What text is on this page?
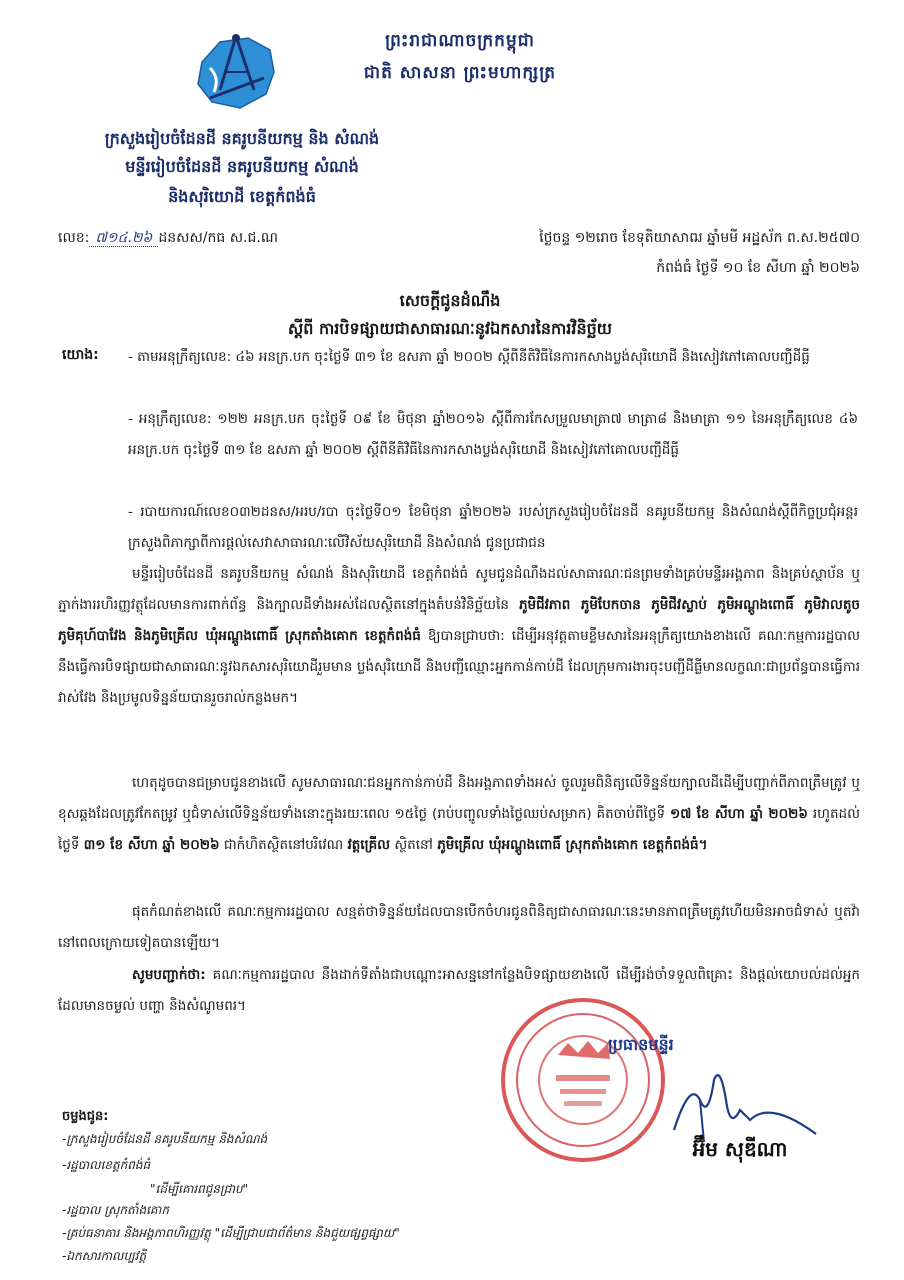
ព្រះរាជាណាចក្រកម្ពុជា
ជាតិ សាសនា ព្រះមហាក្សត្រ
ក្រសួងរៀបចំដែនដី នគរូបនីយកម្ម និង សំណង់
មន្ទីររៀបចំដែនដី នគរូបនីយកម្ម សំណង់
និងសុរិយោដី ខេត្តកំពង់ធំ
លេខ: ៧១៤.២៦ ដនសស/កធ ស.ជ.ណ	ថ្ងៃចន្ទ ១២រោច ខែទុតិយាសាឍ ឆ្នាំមមី អដ្ឋស័ក ព.ស.២៥៧០
កំពង់ធំ ថ្ងៃទី ១០ ខែ សីហា ឆ្នាំ ២០២៦
សេចក្តីជូនដំណឹង
ស្តីពី ការបិទផ្សាយជាសាធារណៈនូវឯកសារនៃការវិនិច្ឆ័យ
យោង: - តាមអនុក្រឹត្យលេខ: ៤៦ អនក្រ.បក ចុះថ្ងៃទី ៣១ ខែ ឧសភា ឆ្នាំ ២០០២ ស្តីពីនីតិវិធីនៃការកសាងប្លង់សុរិយោដី និងសៀវភៅគោលបញ្ជីដីធ្លី
- អនុក្រឹត្យលេខ: ១២២ អនក្រ.បក ចុះថ្ងៃទី ០៩ ខែ មិថុនា ឆ្នាំ២០១៦ ស្តីពីការកែសម្រួលមាត្រា៧ មាត្រា៨ និងមាត្រា ១១ នៃអនុក្រឹត្យលេខ ៤៦ អនក្រ.បក ចុះថ្ងៃទី ៣១ ខែ ឧសភា ឆ្នាំ ២០០២ ស្តីពីនីតិវិធីនៃការកសាងប្លង់សុរិយោដី និងសៀវភៅគោលបញ្ជីដីធ្លី
- របាយការណ៍លេខ០៣២ដនស/អរប/របា ចុះថ្ងៃទី០១ ខែមិថុនា ឆ្នាំ២០២៦ របស់ក្រសួងរៀបចំដែនដី នគរូបនីយកម្ម និងសំណង់ស្តីពីកិច្ចប្រជុំអន្តរក្រសួងពិភាក្សាពីការផ្តល់សេវាសាធារណៈលើវិស័យសុរិយោដី និងសំណង់ ជូនប្រជាជន
មន្ទីររៀបចំដែនដី នគរូបនីយកម្ម សំណង់ និងសុរិយោដី ខេត្តកំពង់ធំ សូមជូនដំណឹងដល់សាធារណៈជនព្រមទាំងគ្រប់មន្ទីរអង្គភាព និងគ្រប់ស្ថាប័ន ឬភ្នាក់ងាររហិរញ្ញវត្ថុដែលមានការពាក់ព័ន្ធ និងក្បាលដីទាំងអស់ដែលស្ថិតនៅក្នុងតំបន់វិនិច្ឆ័យនៃ ភូមិជីវភាព ភូមិបែកចាន ភូមិជីវស្លាប់ ភូមិអណ្តូងពោធិ៍ ភូមិវាលតូច ភូមិគុហ៍បាវែង និងភូមិគ្រើល ឃុំអណ្តូងពោធិ៍ ស្រុកតាំងគោក ខេត្តកំពង់ធំ ឱ្យបានជ្រាបថា: ដើម្បីអនុវត្តតាមខ្លឹមសារនៃអនុក្រឹត្យយោងខាងលើ គណៈកម្មការរដ្ឋបាល នឹងធ្វើការបិទផ្សាយជាសាធារណៈនូវឯកសារសុរិយោដីរួមមាន ប្លង់សុរិយោដី និងបញ្ជីឈ្មោះអ្នកកាន់កាប់ដី ដែលក្រុមការងារចុះបញ្ជីដីធ្លីមានលក្ខណៈជាប្រព័ន្ធបានធ្វើការវាស់វែង និងប្រមូលទិន្នន័យបានរួចរាល់កន្លងមក។
ហេតុដូចបានជម្រាបជូនខាងលើ សូមសាធារណៈជនអ្នកកាន់កាប់ដី និងអង្គភាពទាំងអស់ ចូលរួមពិនិត្យលើទិន្នន័យក្បាលដីដើម្បីបញ្ជាក់ពីភាពត្រឹមត្រូវ ឬខុសឆ្គងដែលត្រូវកែតម្រូវ ឬជំទាស់លើទិន្នន័យទាំងនោះក្នុងរយៈពេល ១៥ថ្ងៃ (រាប់បញ្ចូលទាំងថ្ងៃឈប់សម្រាក) គិតចាប់ពីថ្ងៃទី ១៧ ខែ សីហា ឆ្នាំ ២០២៦ រហូតដល់ថ្ងៃទី ៣១ ខែ សីហា ឆ្នាំ ២០២៦ ជាកំហិតស្ថិតនៅបរិវេណ វត្តគ្រើល ស្ថិតនៅ ភូមិគ្រើល ឃុំអណ្តូងពោធិ៍ ស្រុកតាំងគោក ខេត្តកំពង់ធំ។
ផុតកំណត់ខាងលើ គណៈកម្មការរដ្ឋបាល សន្មត់ថាទិន្នន័យដែលបានបើកចំហរជូនពិនិត្យជាសាធារណៈនេះមានភាពត្រឹមត្រូវហើយមិនអាចជំទាស់ ឬតវ៉ានៅពេលក្រោយទៀតបានឡើយ។
សូមបញ្ជាក់ថា: គណៈកម្មការរដ្ឋបាល នឹងដាក់ទីតាំងជាបណ្តោះអាសន្ននៅកន្លែងបិទផ្សាយខាងលើ ដើម្បីរង់ចាំទទួលពិគ្រោះ និងផ្តល់យោបល់ដល់អ្នកដែលមានចម្ងល់ បញ្ហា និងសំណូមពរ។
ប្រធានមន្ទីរ
អ៊ឹម សុឌីណា
ចម្លងជូន:
-ក្រសួងរៀបចំដែនដី នគរូបនីយកម្ម និងសំណង់
-រដ្ឋបាលខេត្តកំពង់ធំ
"ដើម្បីគោរពជូនជ្រាប"
-រដ្ឋបាល ស្រុកតាំងគោក
-គ្រប់ធនាគារ និងអង្គភាពហិរញ្ញវត្ថុ "ដើម្បីជ្រាបជាព័ត៌មាន និងជួយផ្សព្វផ្សាយ"
-ឯកសារកាលប្បវត្តិ
